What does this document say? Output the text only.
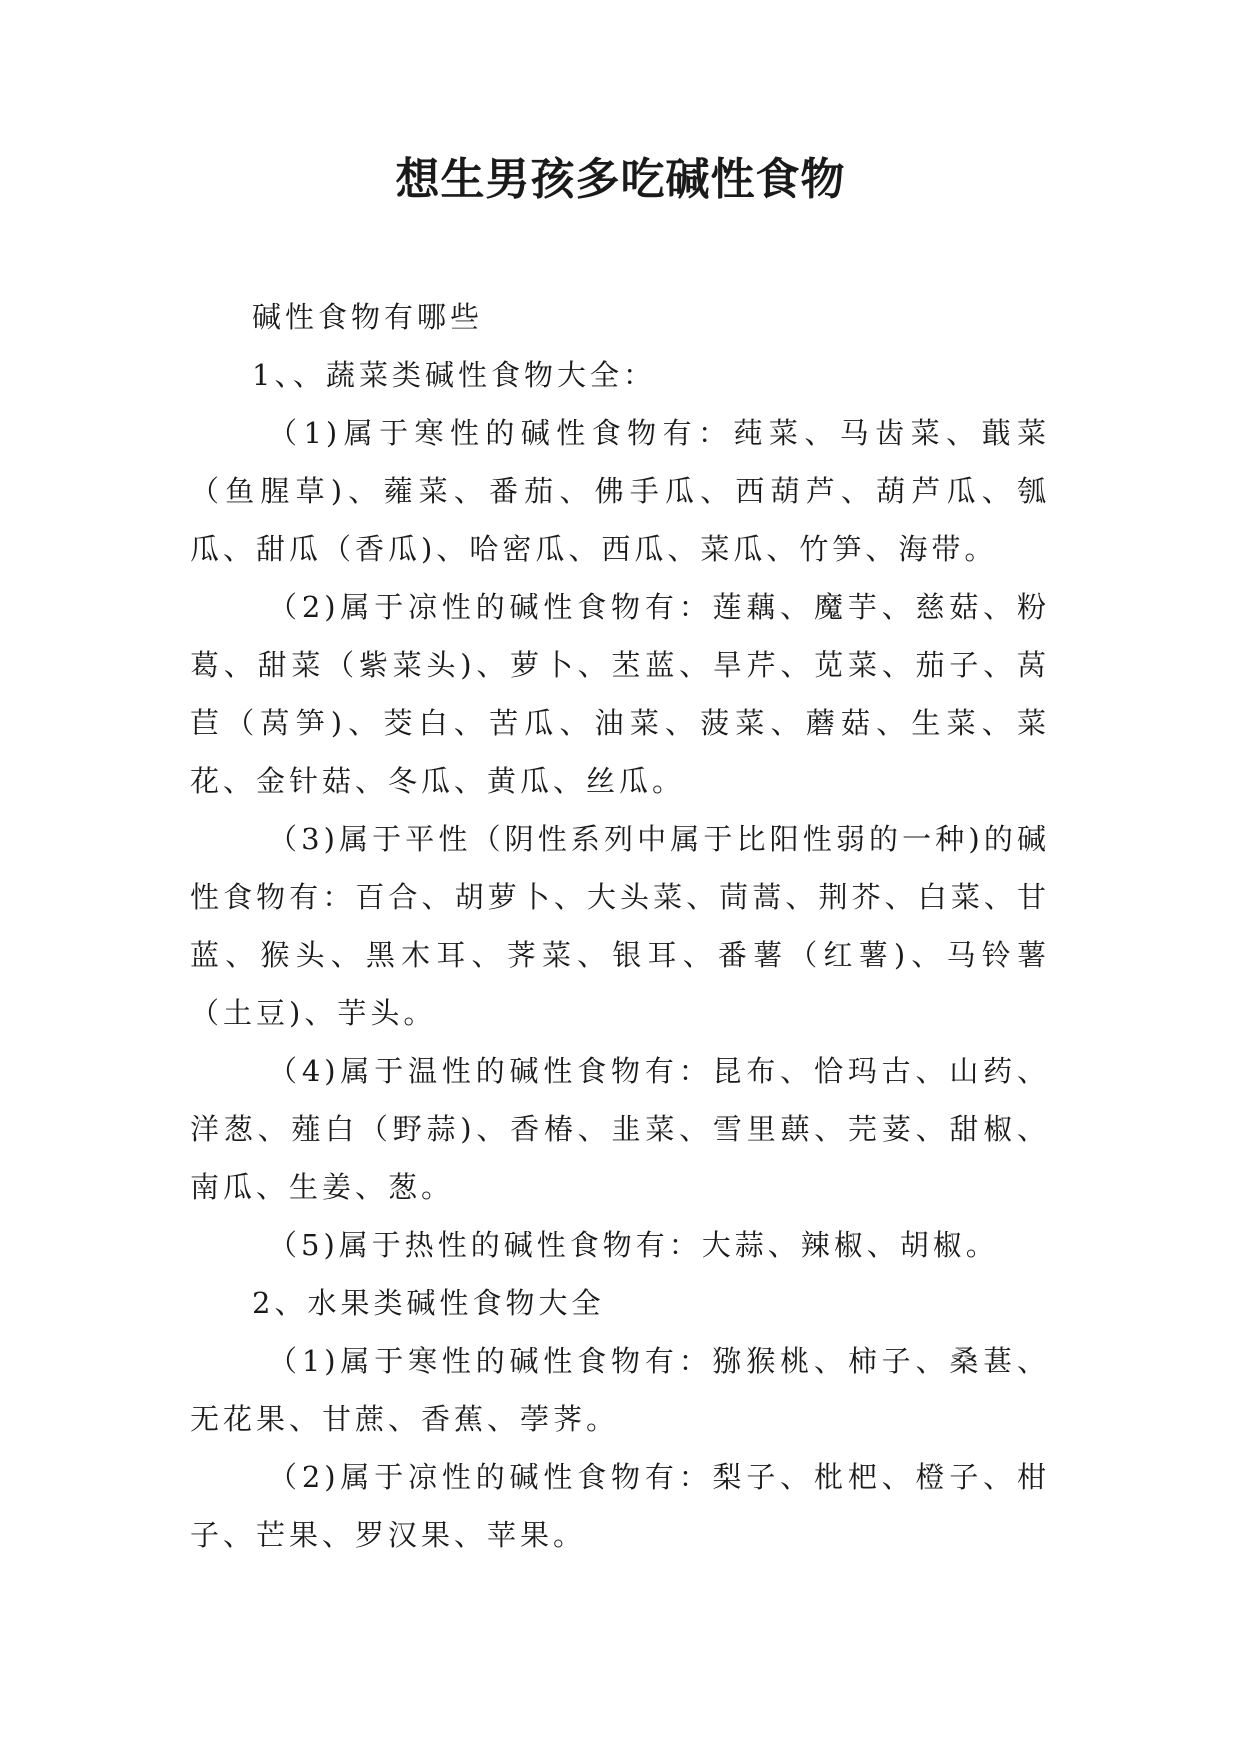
想生男孩多吃碱性食物

碱性食物有哪些

1、、蔬菜类碱性食物大全：

（1)属于寒性的碱性食物有：莼菜、马齿菜、蕺菜（鱼腥草)、蕹菜、番茄、佛手瓜、西葫芦、葫芦瓜、瓠瓜、甜瓜（香瓜)、哈密瓜、西瓜、菜瓜、竹笋、海带。

（2)属于凉性的碱性食物有：莲藕、魔芋、慈菇、粉葛、甜菜（紫菜头)、萝卜、苤蓝、旱芹、苋菜、茄子、莴苣（莴笋)、茭白、苦瓜、油菜、菠菜、蘑菇、生菜、菜花、金针菇、冬瓜、黄瓜、丝瓜。

（3)属于平性（阴性系列中属于比阳性弱的一种)的碱性食物有：百合、胡萝卜、大头菜、茼蒿、荆芥、白菜、甘蓝、猴头、黑木耳、荠菜、银耳、番薯（红薯)、马铃薯（土豆)、芋头。

（4)属于温性的碱性食物有：昆布、恰玛古、山药、洋葱、薤白（野蒜)、香椿、韭菜、雪里蕻、芫荽、甜椒、南瓜、生姜、葱。

（5)属于热性的碱性食物有：大蒜、辣椒、胡椒。

2、水果类碱性食物大全

（1)属于寒性的碱性食物有：猕猴桃、柿子、桑葚、无花果、甘蔗、香蕉、荸荠。

（2)属于凉性的碱性食物有：梨子、枇杷、橙子、柑子、芒果、罗汉果、苹果。
